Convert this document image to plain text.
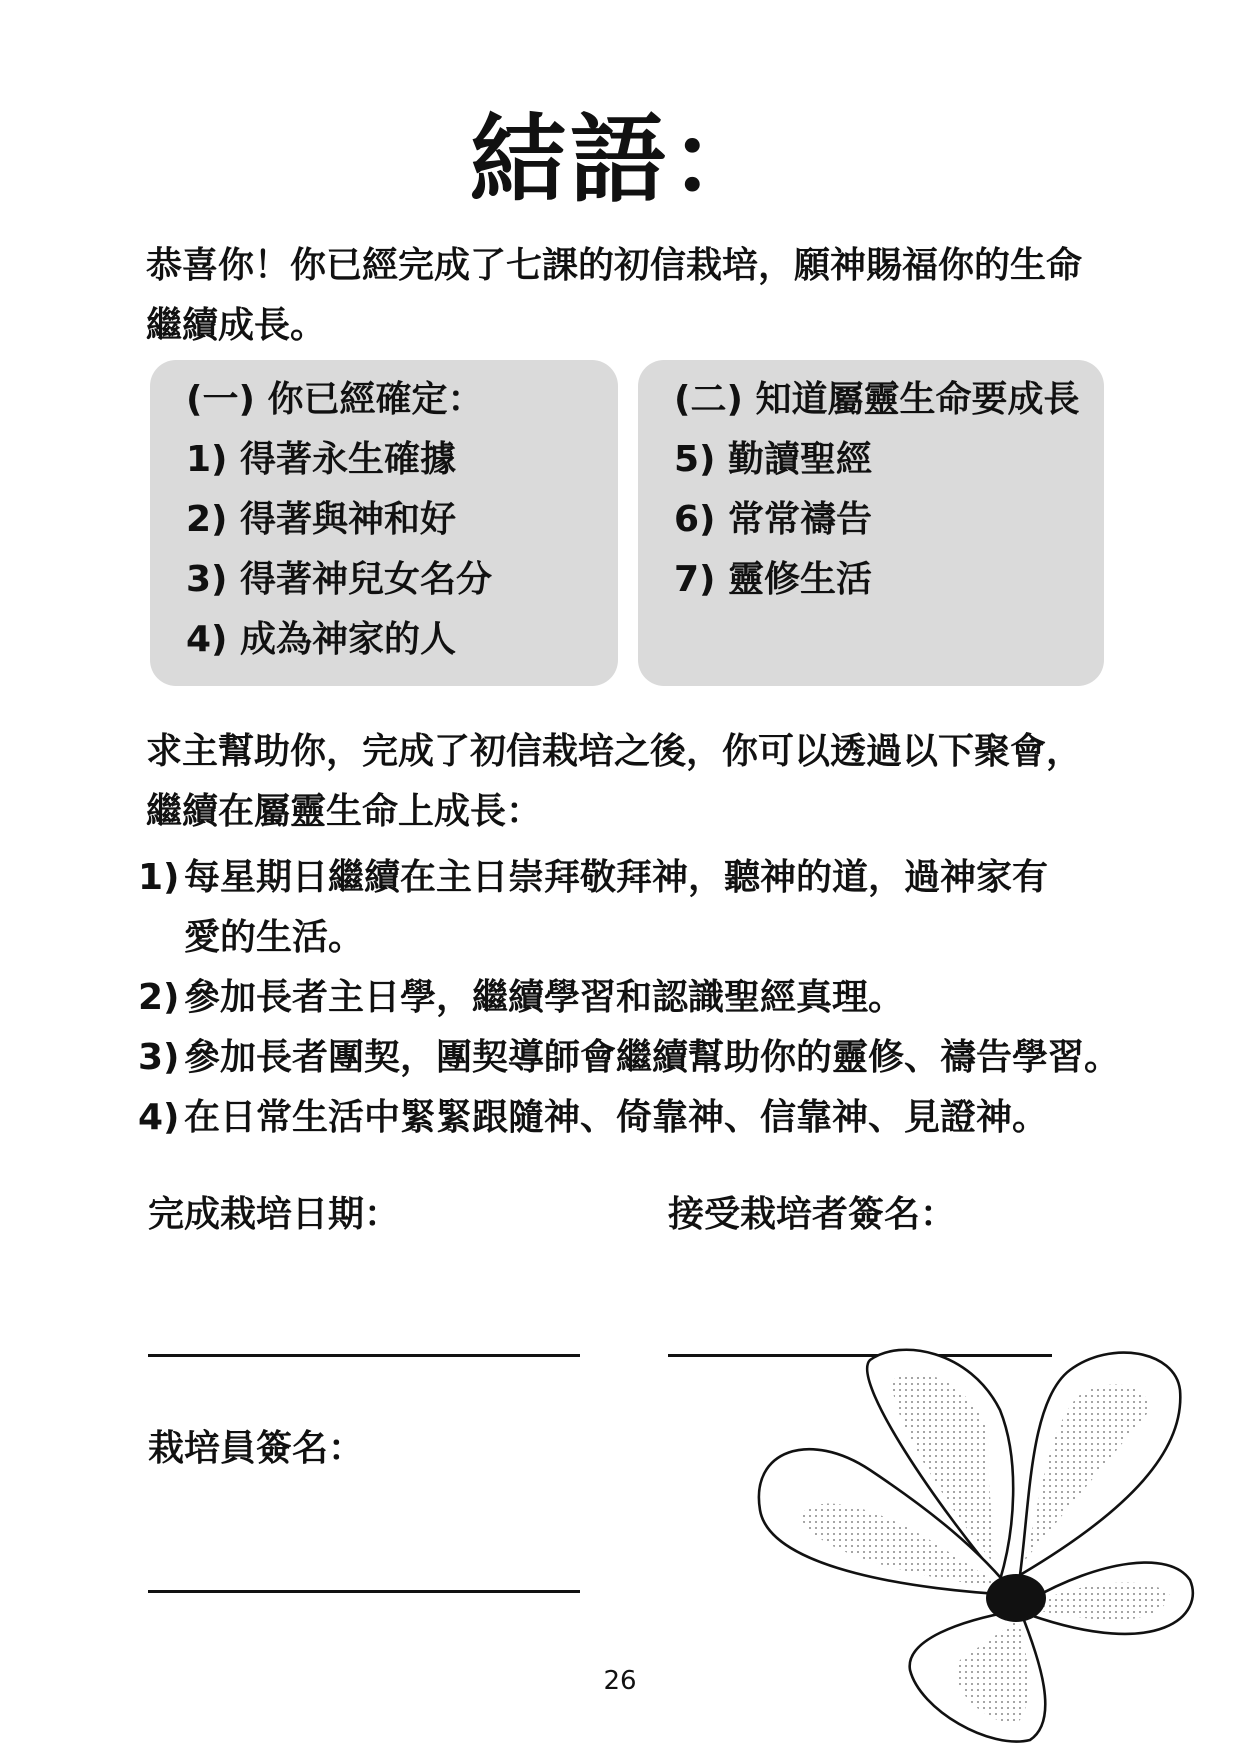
結語：
恭喜你！你已經完成了七課的初信栽培，願神賜福你的生命
繼續成長。
(一) 你已經確定：
1) 得著永生確據
2) 得著與神和好
3) 得著神兒女名分
4) 成為神家的人
(二) 知道屬靈生命要成長
5) 勤讀聖經
6) 常常禱告
7) 靈修生活
求主幫助你，完成了初信栽培之後，你可以透過以下聚會，
繼續在屬靈生命上成長：
1) 每星期日繼續在主日崇拜敬拜神，聽神的道，過神家有
愛的生活。
2) 參加長者主日學，繼續學習和認識聖經真理。
3) 參加長者團契，團契導師會繼續幫助你的靈修、禱告學習。
4) 在日常生活中緊緊跟隨神、倚靠神、信靠神、見證神。
完成栽培日期：	接受栽培者簽名：
栽培員簽名：
26
